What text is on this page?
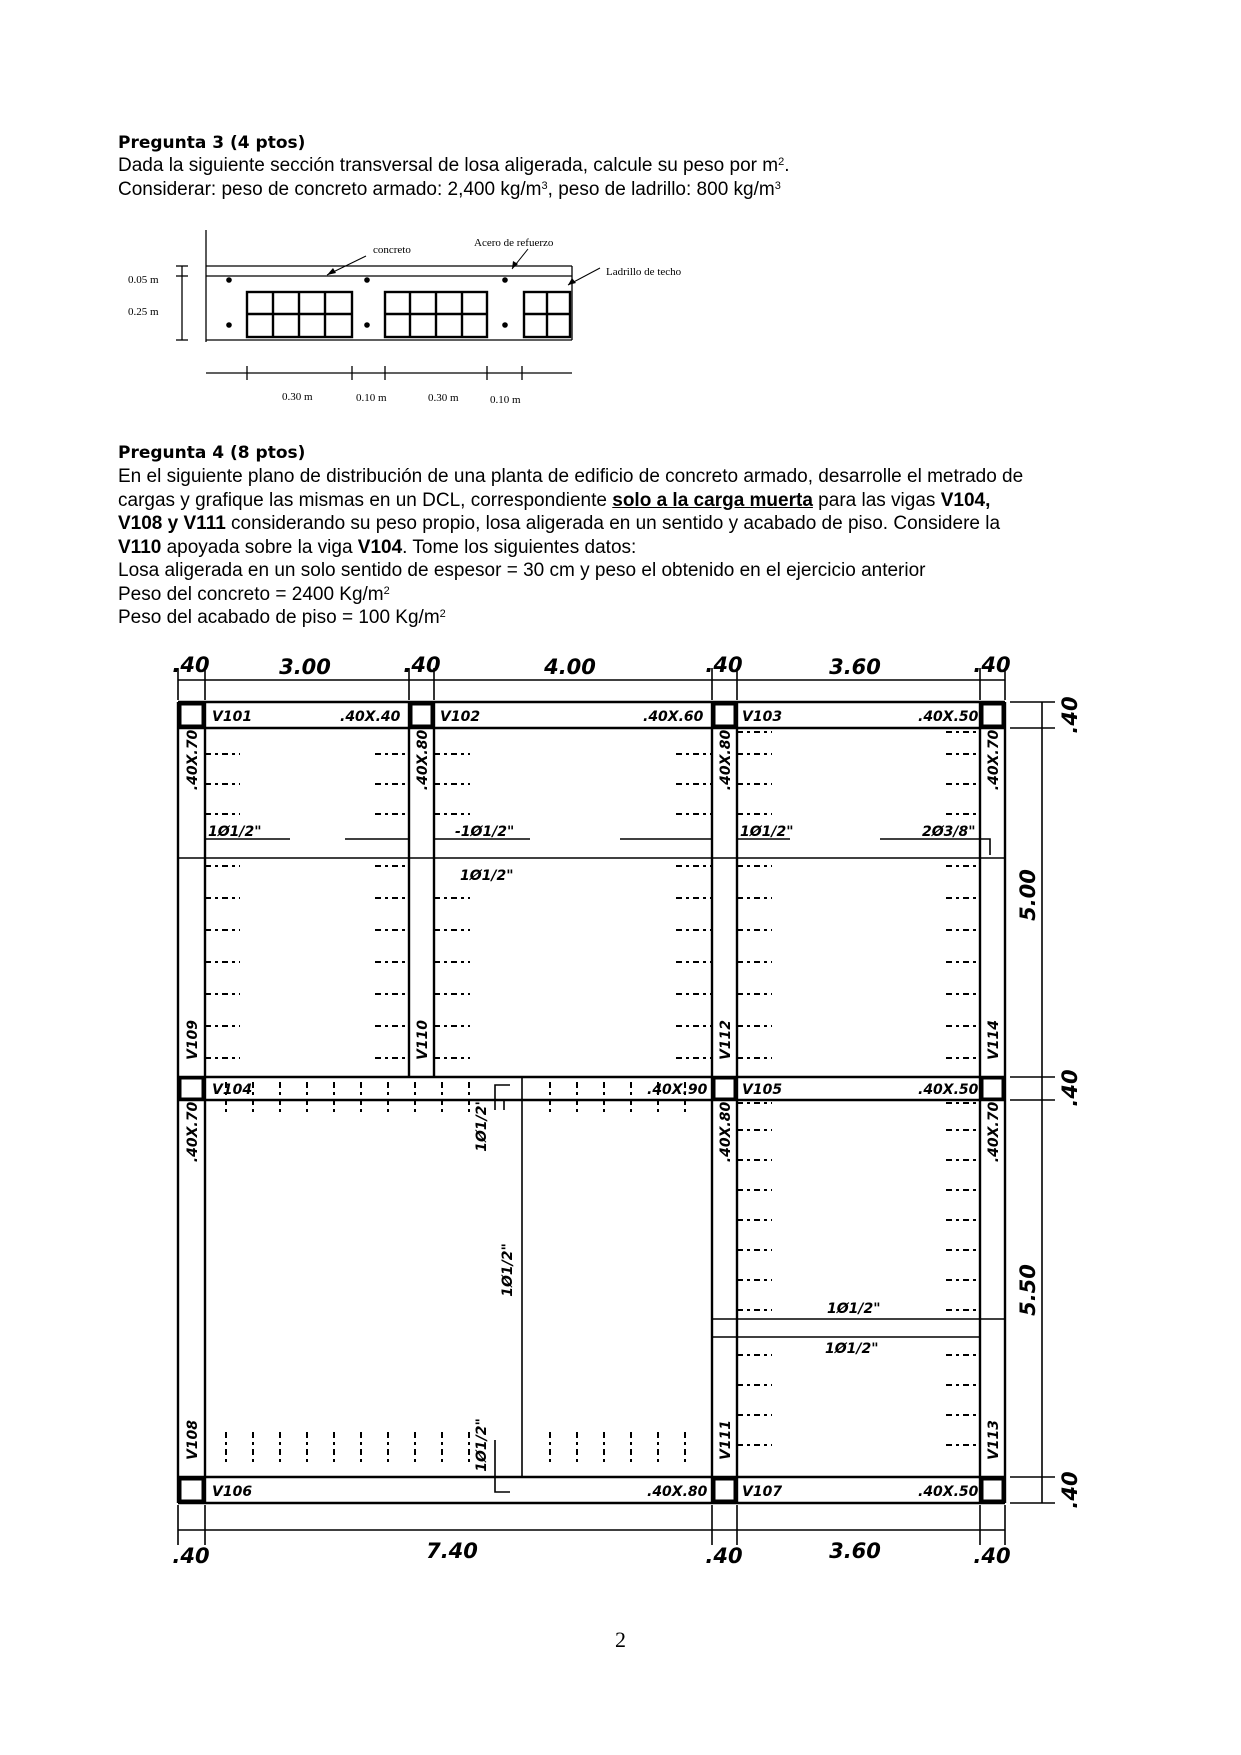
Pregunta 3 (4 ptos)

Dada la siguiente sección transversal de losa aligerada, calcule su peso por $m^2$.

Considerar: peso de concreto armado: 2,400 $kg/m^3$, peso de ladrillo: 800 $kg/m^3$

concreto
Acero de refuerzo
Ladrillo de techo
0.05 m
0.25 m
0.30 m	0.10 m	0.30 m	0.10 m
Pregunta 4 (8 ptos)

En el siguiente plano de distribución de una planta de edificio de concreto armado, desarrolle el metrado de

cargas y grafique las mismas en un DCL, correspondiente solo a la carga muerta para las vigas V104,

V108 y V111 considerando su peso propio, losa aligerada en un sentido y acabado de piso. Considere la

V110 apoyada sobre la viga V104. Tome los siguientes datos:

Losa aligerada en un solo sentido de espesor = 30 cm y peso el obtenido en el ejercicio anterior

Peso del concreto = 2400 $Kg/m^2$

Peso del acabado de piso = 100 $Kg/m^2$

.40	3.00	.40	4.00	.40	3.60	.40
.40	7.40	.40	3.60	.40
.40
5.00
.40
5.50
.40
V101	.40X.40	V102	.40X.60	V103	.40X.50
V104	.40X.90 V105	.40X.50
V106	.40X.80 V107	.40X.50
.40X.70
V109
.40X.80
V110
.40X.80
V112
.40X.70
V114
.40X.70
V108
.40X.80
V111
.40X.70
V113
1Ø1/2"	-1Ø1/2"	1Ø1/2"	2Ø3/8"
1Ø1/2"
1Ø1/2"
1Ø1/2"
1Ø1/2"
1Ø1/2"
1Ø1/2"
2
